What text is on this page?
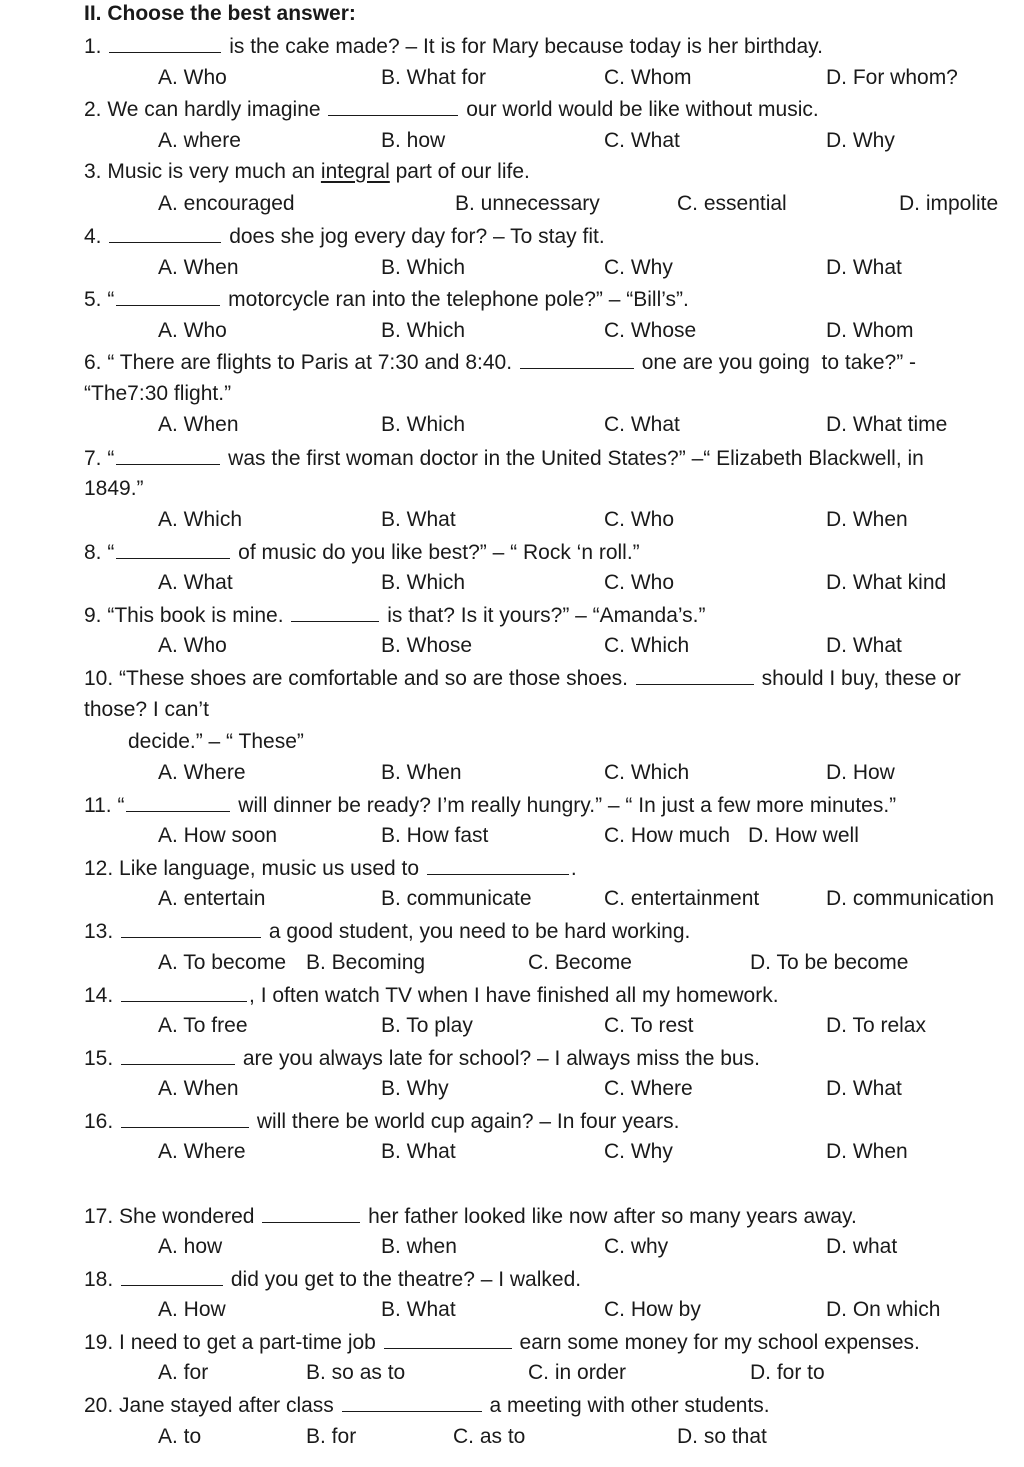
II. Choose the best answer:
1.	is the cake made? – It is for Mary because today is her birthday.
A. Who	B. What for	C. Whom	D. For whom?
2. We can hardly imagine	our world would be like without music.
A. where	B. how	C. What	D. Why
3. Music is very much an integral part of our life.
A. encouraged	B. unnecessary	C. essential	D. impolite
4.	does she jog every day for? – To stay fit.
A. When	B. Which	C. Why	D. What
5. “	motorcycle ran into the telephone pole?” – “Bill’s”.
A. Who	B. Which	C. Whose	D. Whom
6. “ There are flights to Paris at 7:30 and 8:40.	one are you going  to take?” -
“The7:30 flight.”
A. When	B. Which	C. What	D. What time
7. “	was the first woman doctor in the United States?” –“ Elizabeth Blackwell, in
1849.”
A. Which	B. What	C. Who	D. When
8. “	of music do you like best?” – “ Rock ‘n roll.”
A. What	B. Which	C. Who	D. What kind
9. “This book is mine.	is that? Is it yours?” – “Amanda’s.”
A. Who	B. Whose	C. Which	D. What
10. “These shoes are comfortable and so are those shoes.	should I buy, these or
those? I can’t
decide.” – “ These”
A. Where	B. When	C. Which	D. How
11. “	will dinner be ready? I’m really hungry.” – “ In just a few more minutes.”
A. How soon	B. How fast	C. How much D. How well
12. Like language, music us used to	.
A. entertain	B. communicate	C. entertainment	D. communication
13.	a good student, you need to be hard working.
A. To become B. Becoming	C. Become	D. To be become
14.	, I often watch TV when I have finished all my homework.
A. To free	B. To play	C. To rest	D. To relax
15.	are you always late for school? – I always miss the bus.
A. When	B. Why	C. Where	D. What
16.	will there be world cup again? – In four years.
A. Where	B. What	C. Why	D. When
17. She wondered	her father looked like now after so many years away.
A. how	B. when	C. why	D. what
18.	did you get to the theatre? – I walked.
A. How	B. What	C. How by	D. On which
19. I need to get a part-time job	earn some money for my school expenses.
A. for	B. so as to	C. in order	D. for to
20. Jane stayed after class	a meeting with other students.
A. to	B. for	C. as to	D. so that
